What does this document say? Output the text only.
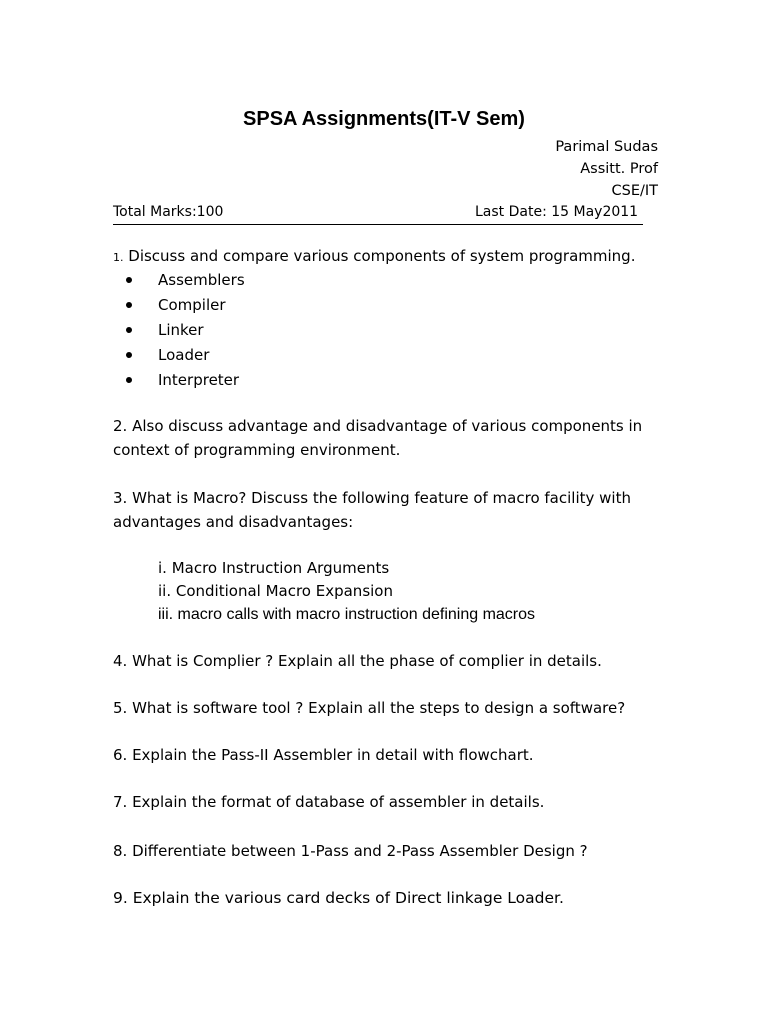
SPSA Assignments(IT-V Sem)
Parimal Sudas
Assitt. Prof
CSE/IT
Total Marks:100	Last Date: 15 May2011
1. Discuss and compare various components of system programming.
Assemblers
Compiler
Linker
Loader
Interpreter
2. Also discuss advantage and disadvantage of various components in context of programming environment.
3. What is Macro? Discuss the following feature of macro facility with advantages and disadvantages:
i. Macro Instruction Arguments
ii. Conditional Macro Expansion
iii. macro calls with macro instruction defining macros
4. What is Complier ? Explain all the phase of complier in details.
5. What is software tool ? Explain all the steps to design a software?
6. Explain the Pass-II Assembler in detail with flowchart.
7. Explain the format of database of assembler in details.
8. Differentiate between 1-Pass and 2-Pass Assembler Design ?
9. Explain the various card decks of Direct linkage Loader.
